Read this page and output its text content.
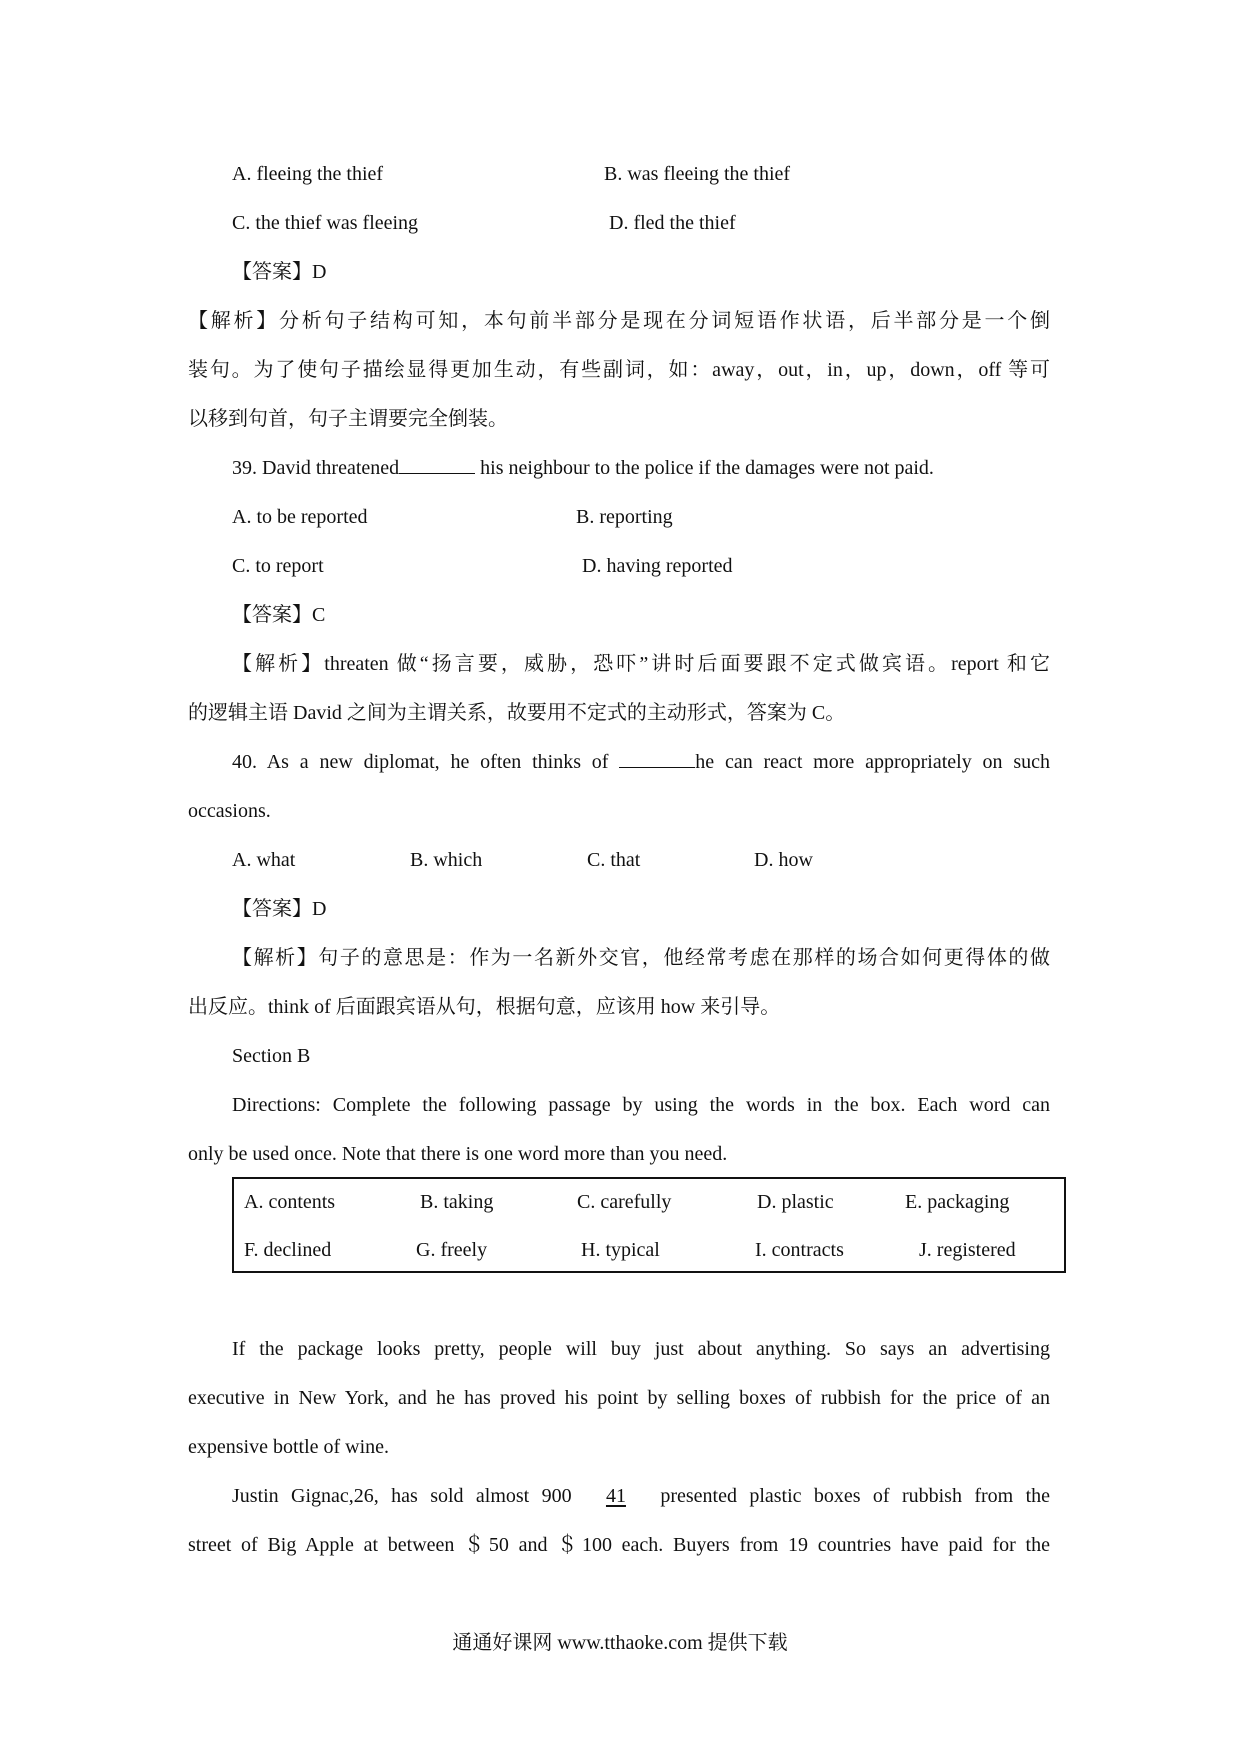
A. fleeing the thief	B. was fleeing the thief
C. the thief was fleeing	D. fled the thief
【答案】D
【解析】分析句子结构可知，本句前半部分是现在分词短语作状语，后半部分是一个倒
装句。为了使句子描绘显得更加生动，有些副词，如：away，out，in，up，down，off 等可
以移到句首，句子主谓要完全倒装。
39. David threatened	his neighbour to the police if the damages were not paid.
A. to be reported	B. reporting
C. to report	D. having reported
【答案】C
【解析】threaten 做“扬言要，威胁，恐吓”讲时后面要跟不定式做宾语。report 和它
的逻辑主语 David 之间为主谓关系，故要用不定式的主动形式，答案为 C。
40. As a new diplomat, he often thinks of	he can react more appropriately on such
occasions.
A. what	B. which	C. that	D. how
【答案】D
【解析】句子的意思是：作为一名新外交官，他经常考虑在那样的场合如何更得体的做
出反应。think of 后面跟宾语从句，根据句意，应该用 how 来引导。
Section B
Directions: Complete the following passage by using the words in the box. Each word can
only be used once. Note that there is one word more than you need.
A. contents	B. taking	C. carefully	D. plastic	E. packaging
F. declined	G. freely	H. typical	I. contracts	J. registered
If the package looks pretty, people will buy just about anything. So says an advertising
executive in New York, and he has proved his point by selling boxes of rubbish for the price of an
expensive bottle of wine.
Justin Gignac,26, has sold almost 900 41 presented plastic boxes of rubbish from the
street of Big Apple at between ＄50 and ＄100 each. Buyers from 19 countries have paid for the
通通好课网 www.tthaoke.com 提供下载
